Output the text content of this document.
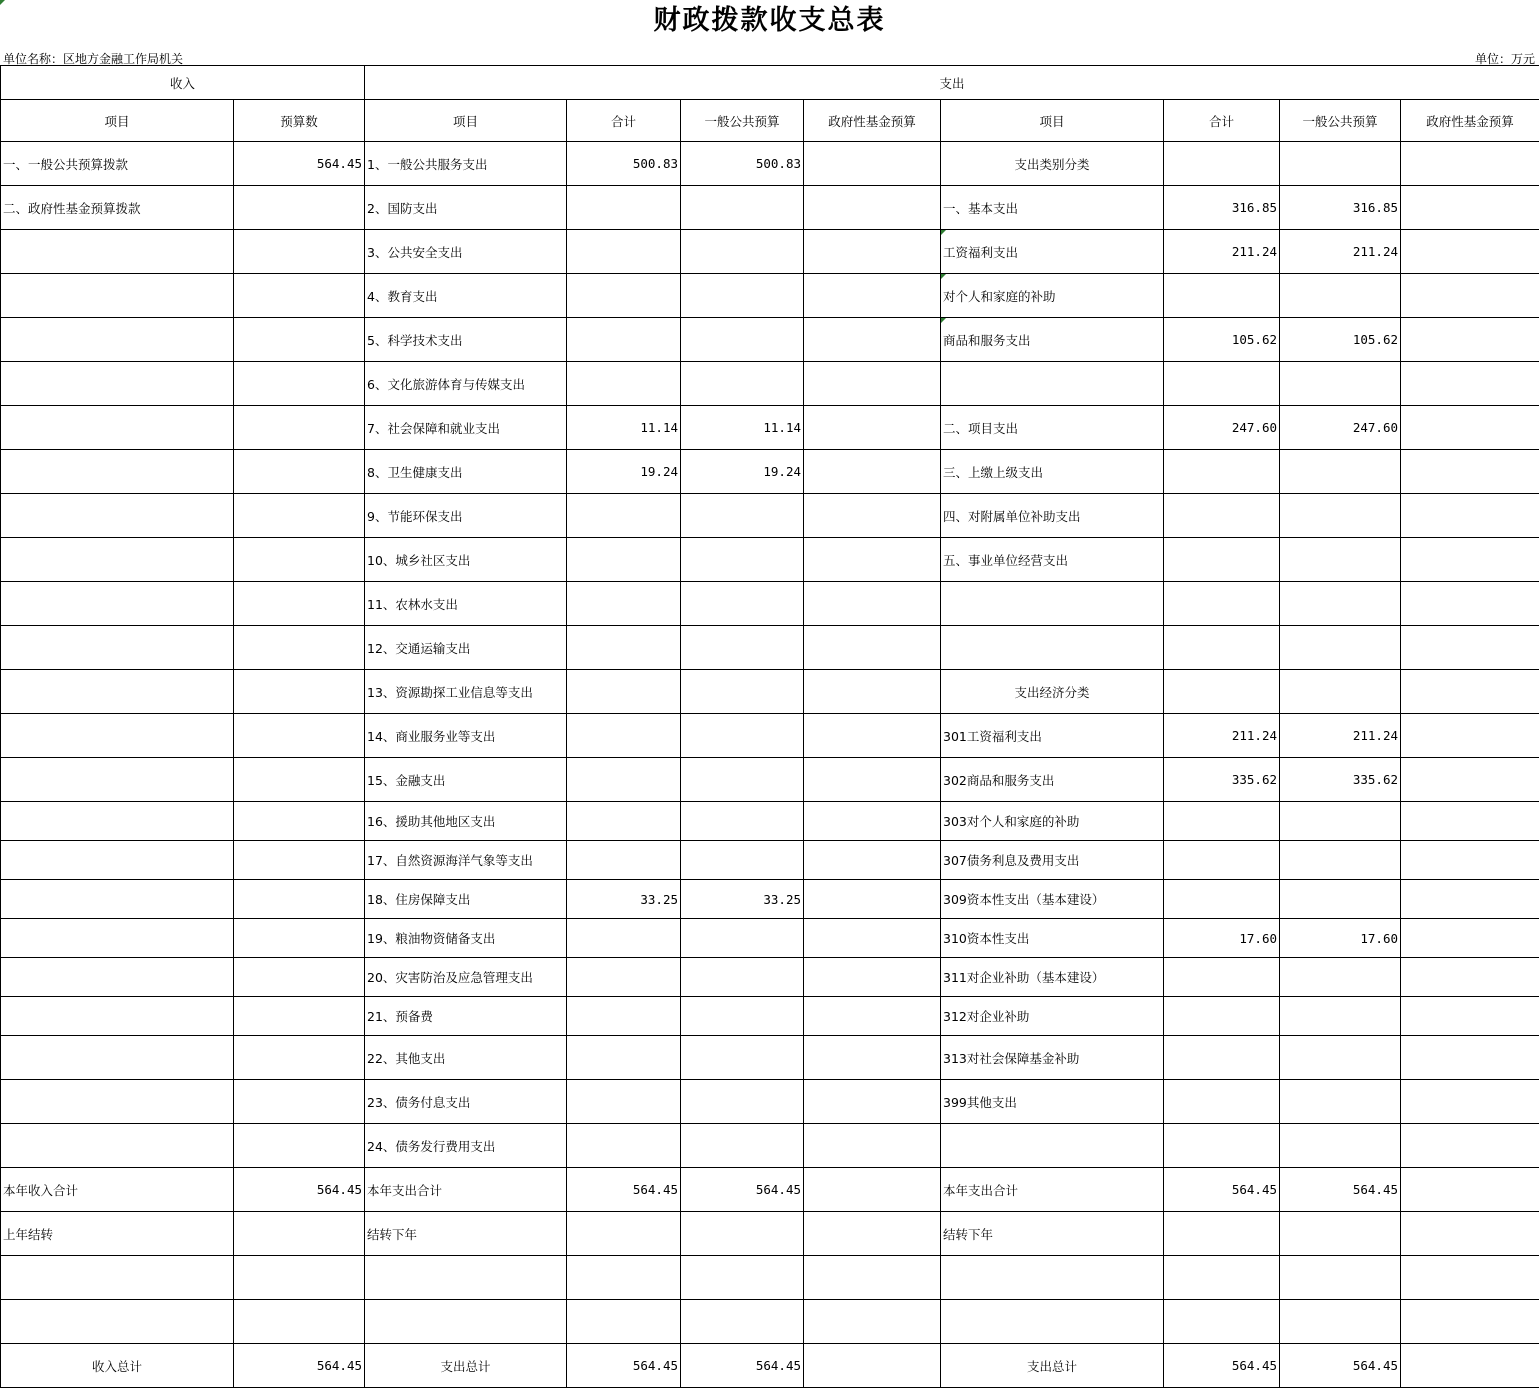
财政拨款收支总表
单位名称：区地方金融工作局机关	单位：万元
收入		支出							
项目	预算数	项目	合计	一般公共预算	政府性基金预算	项目	合计	一般公共预算	政府性基金预算
一、一般公共预算拨款	564.45	1、一般公共服务支出	500.83	500.83		支出类别分类			
二、政府性基金预算拨款		2、国防支出				一、基本支出	316.85	316.85	
		3、公共安全支出				工资福利支出	211.24	211.24	
		4、教育支出				对个人和家庭的补助			
		5、科学技术支出				商品和服务支出	105.62	105.62	
		6、文化旅游体育与传媒支出							
		7、社会保障和就业支出	11.14	11.14		二、项目支出	247.60	247.60	
		8、卫生健康支出	19.24	19.24		三、上缴上级支出			
		9、节能环保支出				四、对附属单位补助支出			
		10、城乡社区支出				五、事业单位经营支出			
		11、农林水支出							
		12、交通运输支出							
		13、资源勘探工业信息等支出				支出经济分类			
		14、商业服务业等支出				301工资福利支出	211.24	211.24	
		15、金融支出				302商品和服务支出	335.62	335.62	
		16、援助其他地区支出				303对个人和家庭的补助			
		17、自然资源海洋气象等支出				307债务利息及费用支出			
		18、住房保障支出	33.25	33.25		309资本性支出（基本建设）			
		19、粮油物资储备支出				310资本性支出	17.60	17.60	
		20、灾害防治及应急管理支出				311对企业补助（基本建设）			
		21、预备费				312对企业补助			
		22、其他支出				313对社会保障基金补助			
		23、债务付息支出				399其他支出			
		24、债务发行费用支出							
本年收入合计	564.45	本年支出合计	564.45	564.45		本年支出合计	564.45	564.45	
上年结转		结转下年				结转下年			

收入总计	564.45	支出总计	564.45	564.45		支出总计	564.45	564.45	
